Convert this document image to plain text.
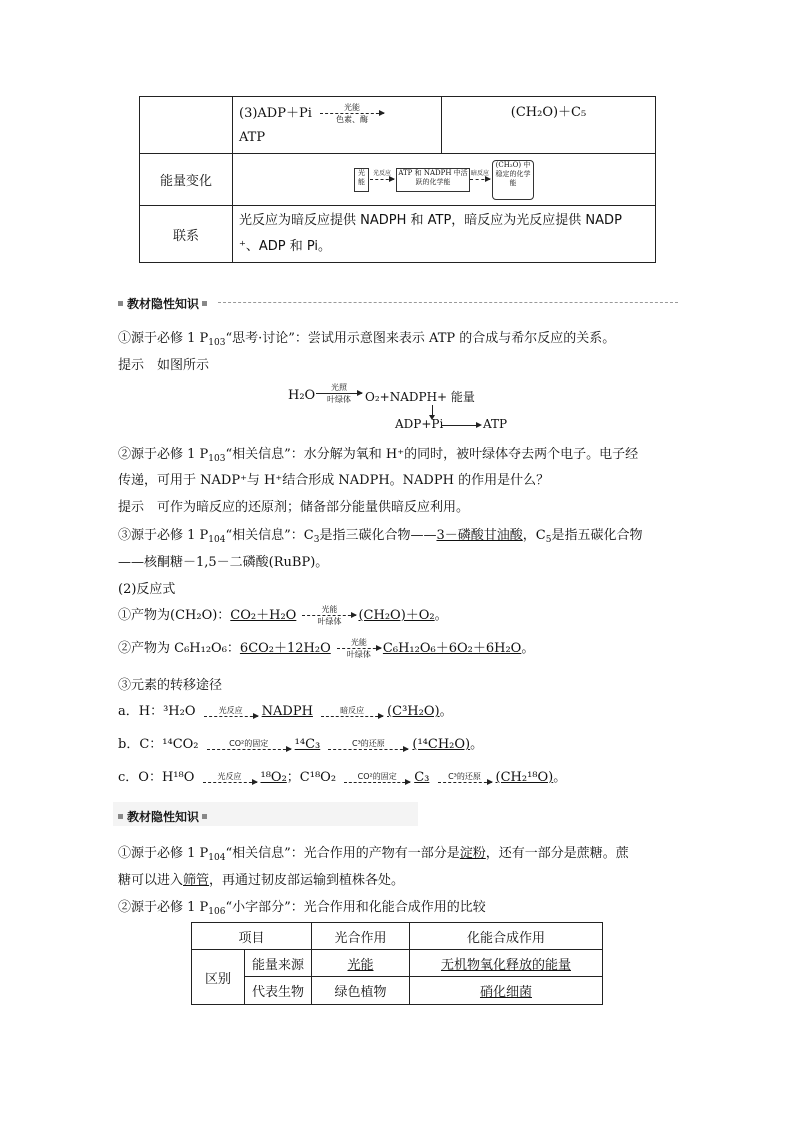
	(3)ADP＋Pi 光能
色素、酶
ATP	(CH₂O)＋C₅
能量变化	光能
光反应 ATP 和 NADPH 中活跃的化学能
暗反应
(CH₂O) 中稳定的化学能	

联系	光反应为暗反应提供 NADPH 和 ATP，暗反应为光反应提供 NADP
⁺、ADP 和 Pi。	
教材隐性知识
①源于必修 1 $P_{103}“$思考·讨论”：尝试用示意图来表示 ATP 的合成与希尔反应的关系。
提示　如图所示
H₂O
光照
叶绿体	O₂+NADPH+ 能量
ADP+Pi	ATP
②源于必修 1 $P_{103}“$相关信息”：水分解为氧和 H⁺的同时，被叶绿体夺去两个电子。电子经
传递，可用于 NADP⁺与 H⁺结合形成 NADPH。NADPH 的作用是什么？
提示　可作为暗反应的还原剂；储备部分能量供暗反应利用。
③源于必修 1 $P_{104}“$相关信息”：$C_3$是指三碳化合物——3－磷酸甘油酸，$C_5$是指五碳化合物
——核酮糖－1,5－二磷酸(RuBP)。
(2)反应式
①产物为(CH₂O)：CO₂＋H₂O	光能
叶绿体	(CH₂O)＋O₂。
②产物为 C₆H₁₂O₆：6CO₂＋12H₂O	光能
叶绿体 C₆H₁₂O₆＋6O₂＋6H₂O。
③元素的转移途径
a．H：³H₂O	光反应	NADPH	暗反应	(C³H₂O)。
b．C：¹⁴CO₂	CO²的固定	¹⁴C₃	C³的还原	(¹⁴CH₂O)。
c．O：H¹⁸O	光反应	¹⁸O₂；C¹⁸O₂	CO²的固定	C₃	C³的还原	(CH₂¹⁸O)。
教材隐性知识
①源于必修 1 $P_{104}“$相关信息”：光合作用的产物有一部分是淀粉，还有一部分是蔗糖。蔗
糖可以进入筛管，再通过韧皮部运输到植株各处。
②源于必修 1 $P_{106}“$小字部分”：光合作用和化能合成作用的比较
项目		光合作用	化能合成作用
区别	能量来源	光能	无机物氧化释放的能量
	代表生物	绿色植物	硝化细菌
